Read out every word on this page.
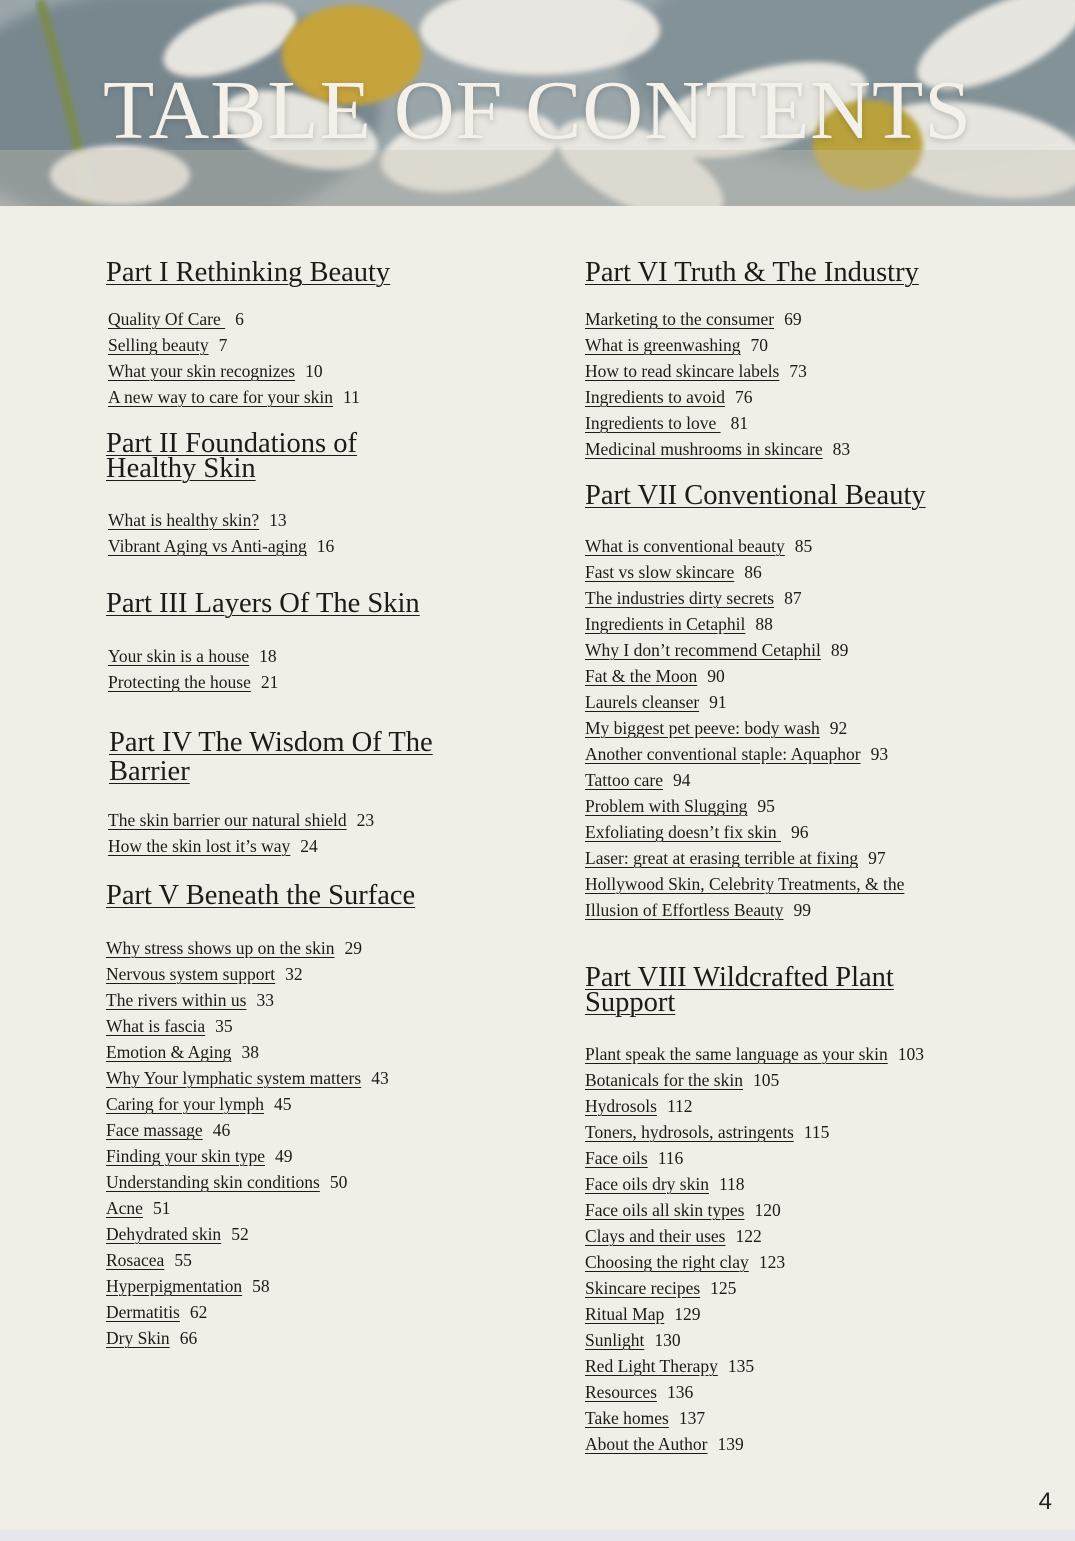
TABLE OF CONTENTS
Part I Rethinking Beauty
Quality Of Care 6
Selling beauty 7
What your skin recognizes 10
A new way to care for your skin 11
Part II Foundations of
Healthy Skin
What is healthy skin? 13
Vibrant Aging vs Anti-aging 16
Part III Layers Of The Skin
Your skin is a house 18
Protecting the house 21
Part IV The Wisdom Of The
Barrier
The skin barrier our natural shield 23
How the skin lost it’s way 24
Part V Beneath the Surface
Why stress shows up on the skin 29
Nervous system support 32
The rivers within us 33
What is fascia 35
Emotion & Aging 38
Why Your lymphatic system matters 43
Caring for your lymph 45
Face massage 46
Finding your skin type 49
Understanding skin conditions 50
Acne 51
Dehydrated skin 52
Rosacea 55
Hyperpigmentation 58
Dermatitis 62
Dry Skin 66
Part VI Truth & The Industry
Marketing to the consumer 69
What is greenwashing 70
How to read skincare labels 73
Ingredients to avoid 76
Ingredients to love 81
Medicinal mushrooms in skincare 83
Part VII Conventional Beauty
What is conventional beauty 85
Fast vs slow skincare 86
The industries dirty secrets 87
Ingredients in Cetaphil 88
Why I don’t recommend Cetaphil 89
Fat & the Moon 90
Laurels cleanser 91
My biggest pet peeve: body wash 92
Another conventional staple: Aquaphor 93
Tattoo care 94
Problem with Slugging 95
Exfoliating doesn’t fix skin 96
Laser: great at erasing terrible at fixing 97
Hollywood Skin, Celebrity Treatments, & the
Illusion of Effortless Beauty 99
Part VIII Wildcrafted Plant
Support
Plant speak the same language as your skin 103
Botanicals for the skin 105
Hydrosols 112
Toners, hydrosols, astringents 115
Face oils 116
Face oils dry skin 118
Face oils all skin types 120
Clays and their uses 122
Choosing the right clay 123
Skincare recipes 125
Ritual Map 129
Sunlight 130
Red Light Therapy 135
Resources 136
Take homes 137
About the Author 139
4
